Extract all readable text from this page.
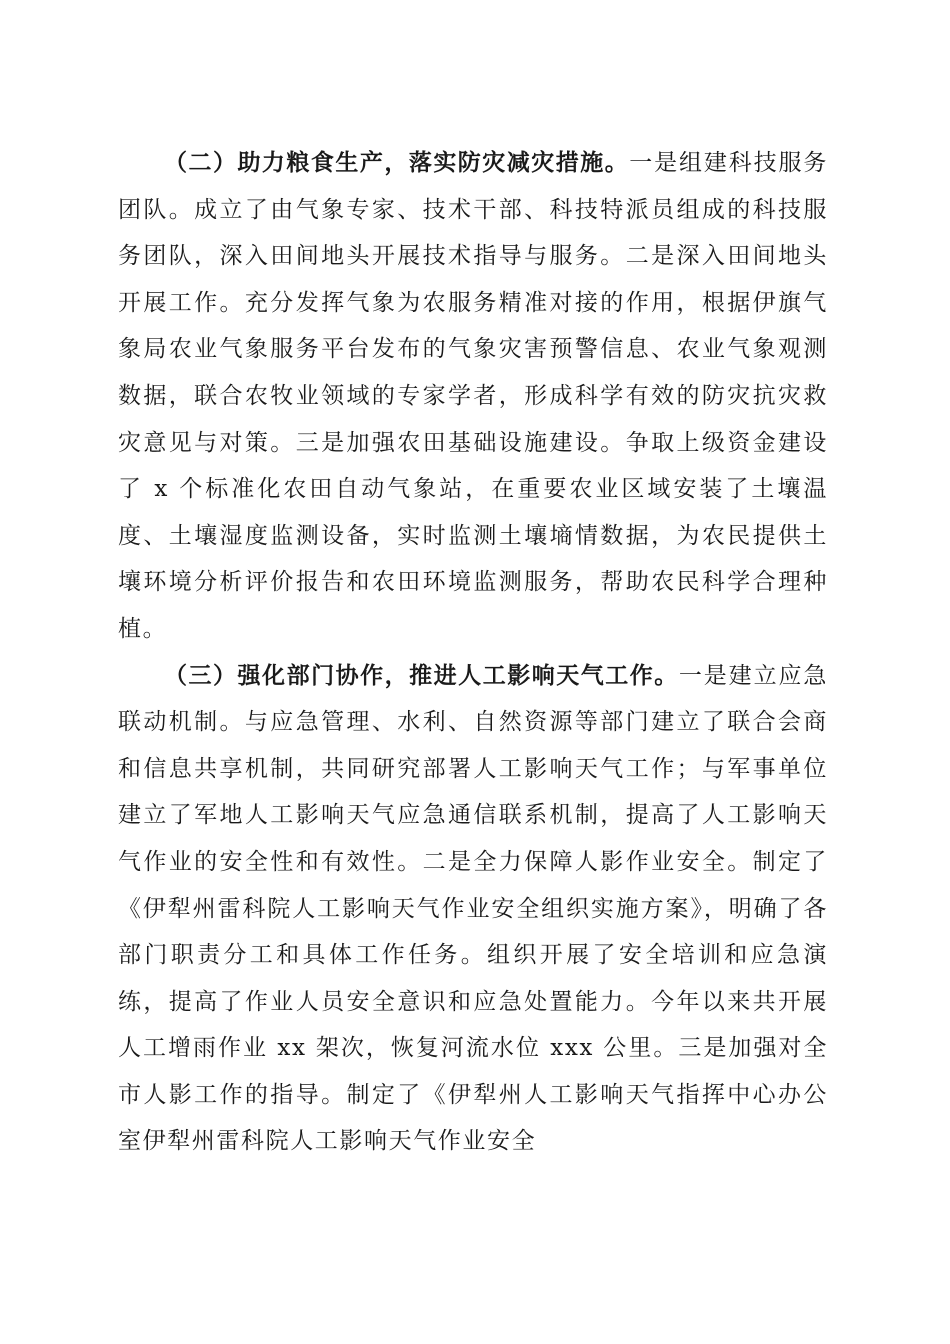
（二）助力粮食生产，落实防灾减灾措施。一是组建科技服务团队。成立了由气象专家、技术干部、科技特派员组成的科技服务团队，深入田间地头开展技术指导与服务。二是深入田间地头开展工作。充分发挥气象为农服务精准对接的作用，根据伊旗气象局农业气象服务平台发布的气象灾害预警信息、农业气象观测数据，联合农牧业领域的专家学者，形成科学有效的防灾抗灾救灾意见与对策。三是加强农田基础设施建设。争取上级资金建设了 x 个标准化农田自动气象站，在重要农业区域安装了土壤温度、土壤湿度监测设备，实时监测土壤墒情数据，为农民提供土壤环境分析评价报告和农田环境监测服务，帮助农民科学合理种植。

（三）强化部门协作，推进人工影响天气工作。一是建立应急联动机制。与应急管理、水利、自然资源等部门建立了联合会商和信息共享机制，共同研究部署人工影响天气工作；与军事单位建立了军地人工影响天气应急通信联系机制，提高了人工影响天气作业的安全性和有效性。二是全力保障人影作业安全。制定了《伊犁州雷科院人工影响天气作业安全组织实施方案》，明确了各部门职责分工和具体工作任务。组织开展了安全培训和应急演练，提高了作业人员安全意识和应急处置能力。今年以来共开展人工增雨作业 xx 架次，恢复河流水位 xxx 公里。三是加强对全市人影工作的指导。制定了《伊犁州人工影响天气指挥中心办公室伊犁州雷科院人工影响天气作业安全
